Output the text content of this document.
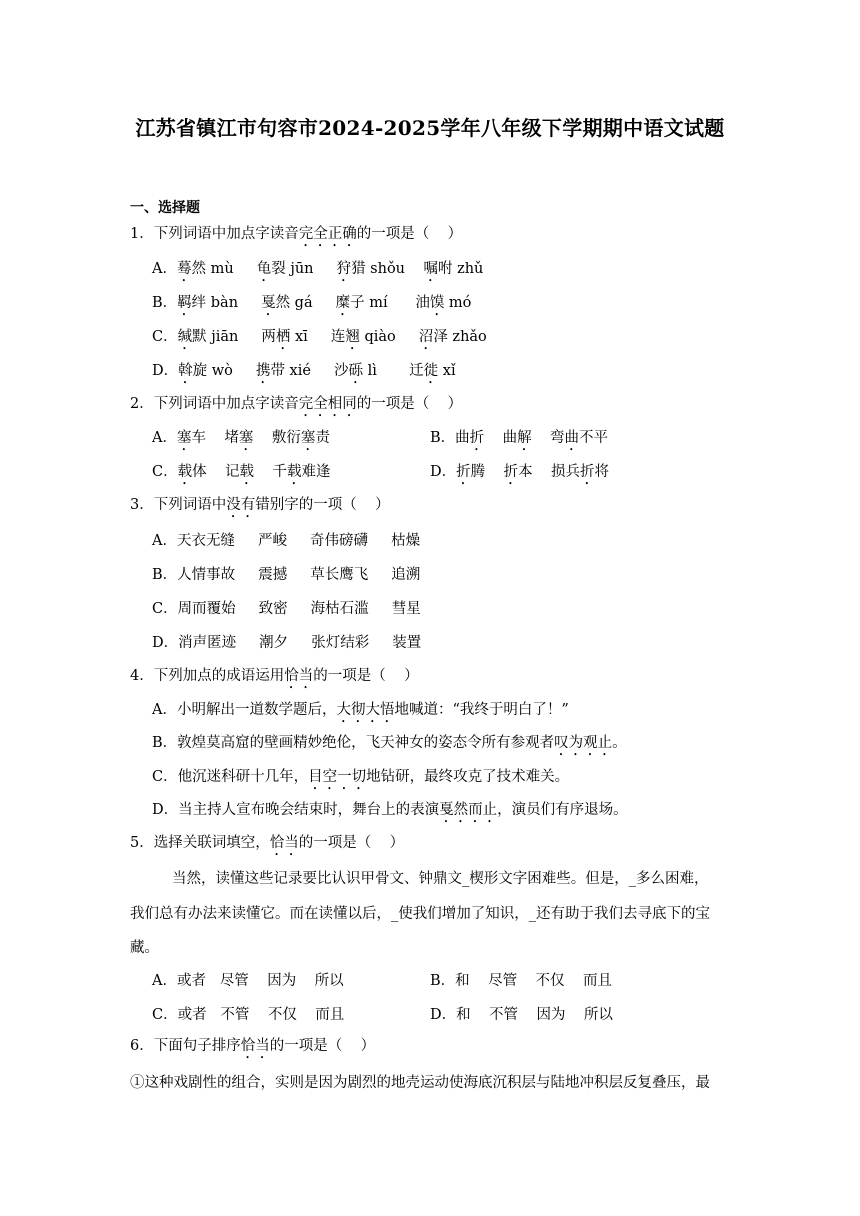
江苏省镇江市句容市2024-2025学年八年级下学期期中语文试题
一、选择题
1．下列词语中加点字读音完全正确的一项是（    ）
A．蓦然 mù     龟裂 jūn     狩猎 shǒu    嘱咐 zhǔ
B．羁绊 bàn     戛然 gá     糜子 mí      油馍 mó
C．缄默 jiān     两栖 xī     连翘 qiào     沼泽 zhǎo
D．斡旋 wò     携带 xié     沙砾 lì       迁徙 xǐ
2．下列词语中加点字读音完全相同的一项是（    ）
A．塞车    堵塞    敷衍塞责	B．曲折    曲解    弯曲不平
C．载体    记载    千载难逢	D．折腾    折本    损兵折将
3．下列词语中没有错别字的一项（    ）
A．天衣无缝     严峻     奇伟磅礴     枯燥
B．人情事故     震撼     草长鹰飞     追溯
C．周而覆始     致密     海枯石滥     彗星
D．消声匿迹     潮夕     张灯结彩     装置
4．下列加点的成语运用恰当的一项是（    ）
A．小明解出一道数学题后，大彻大悟地喊道：“我终于明白了！”
B．敦煌莫高窟的壁画精妙绝伦，飞天神女的姿态令所有参观者叹为观止。
C．他沉迷科研十几年，目空一切地钻研，最终攻克了技术难关。
D．当主持人宣布晚会结束时，舞台上的表演戛然而止，演员们有序退场。
5．选择关联词填空，恰当的一项是（    ）
当然，读懂这些记录要比认识甲骨文、钟鼎文_楔形文字困难些。但是，_多么困难，
我们总有办法来读懂它。而在读懂以后，_使我们增加了知识，_还有助于我们去寻底下的宝
藏。
A．或者   尽管    因为    所以	B．和    尽管    不仅    而且
C．或者   不管    不仅    而且	D．和    不管    因为    所以
6．下面句子排序恰当的一项是（    ）
①这种戏剧性的组合，实则是因为剧烈的地壳运动使海底沉积层与陆地冲积层反复叠压，最
